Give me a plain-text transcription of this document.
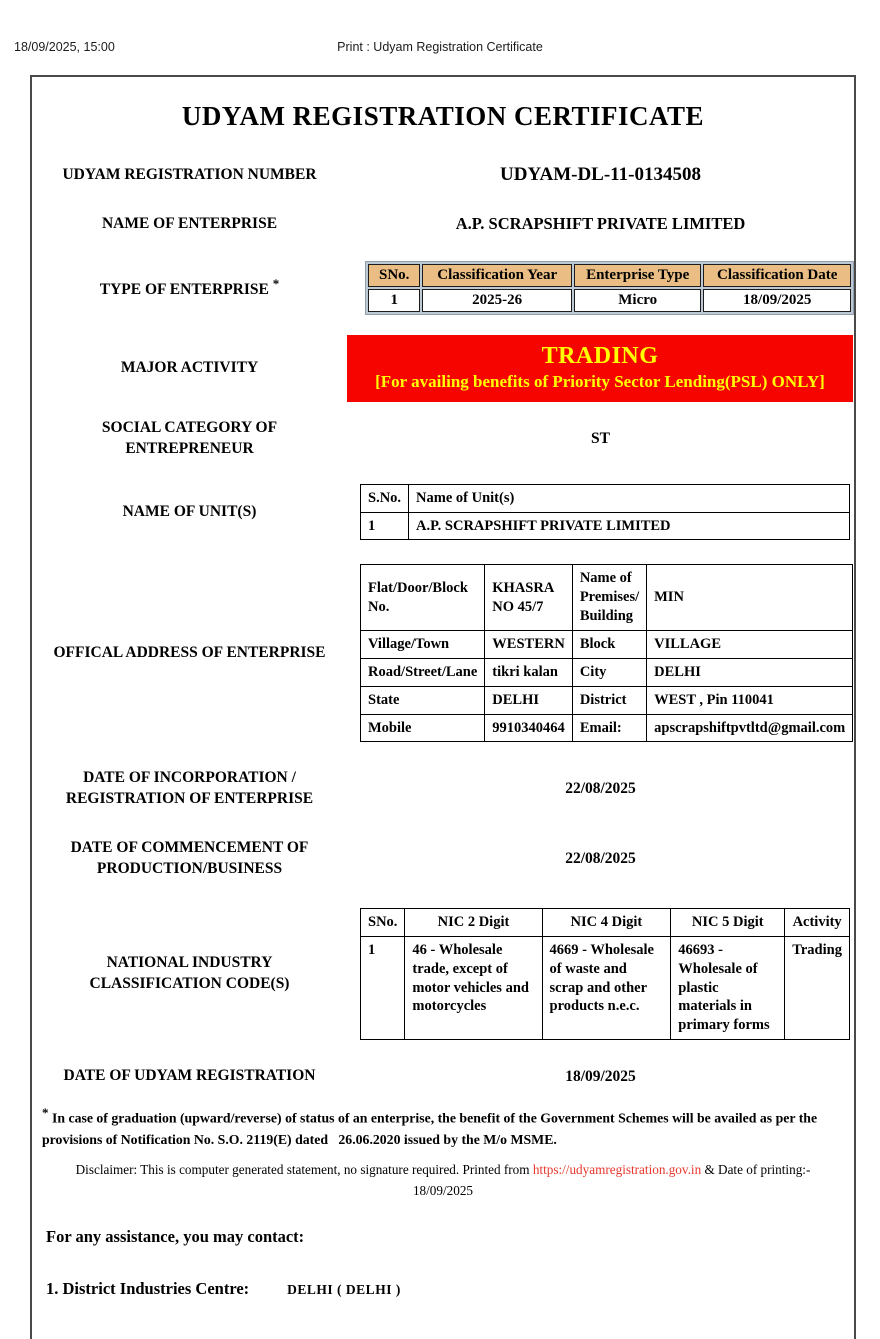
18/09/2025, 15:00	Print : Udyam Registration Certificate
UDYAM REGISTRATION CERTIFICATE
UDYAM REGISTRATION NUMBER	UDYAM-DL-11-0134508
NAME OF ENTERPRISE	A.P. SCRAPSHIFT PRIVATE LIMITED
TYPE OF ENTERPRISE *
SNo.	Classification Year	Enterprise Type	Classification Date
1	2025-26	Micro	18/09/2025
MAJOR ACTIVITY	TRADING
[For availing benefits of Priority Sector Lending(PSL) ONLY]
SOCIAL CATEGORY OF ENTREPRENEUR
ST
NAME OF UNIT(S)
S.No.	Name of Unit(s)
1	A.P. SCRAPSHIFT PRIVATE LIMITED
OFFICAL ADDRESS OF ENTERPRISE
Flat/Door/Block No.	KHASRA NO 45/7	Name of Premises/ Building	MIN
Village/Town	WESTERN	Block	VILLAGE
Road/Street/Lane	tikri kalan	City	DELHI
State	DELHI	District	WEST , Pin 110041
Mobile	9910340464	Email:	apscrapshiftpvtltd@gmail.com
DATE OF INCORPORATION / REGISTRATION OF ENTERPRISE
22/08/2025
DATE OF COMMENCEMENT OF PRODUCTION/BUSINESS
22/08/2025
NATIONAL INDUSTRY CLASSIFICATION CODE(S)
SNo.	NIC 2 Digit	NIC 4 Digit	NIC 5 Digit	Activity
1	46 - Wholesale trade, except of motor vehicles and motorcycles	4669 - Wholesale of waste and scrap and other products n.e.c.	46693 - Wholesale of plastic materials in primary forms	Trading
DATE OF UDYAM REGISTRATION	18/09/2025
* In case of graduation (upward/reverse) of status of an enterprise, the benefit of the Government Schemes will be availed as per the provisions of Notification No. S.O. 2119(E) dated   26.06.2020 issued by the M/o MSME.
Disclaimer: This is computer generated statement, no signature required. Printed from https://udyamregistration.gov.in & Date of printing:-
18/09/2025
For any assistance, you may contact:
1. District Industries Centre:	DELHI ( DELHI )
